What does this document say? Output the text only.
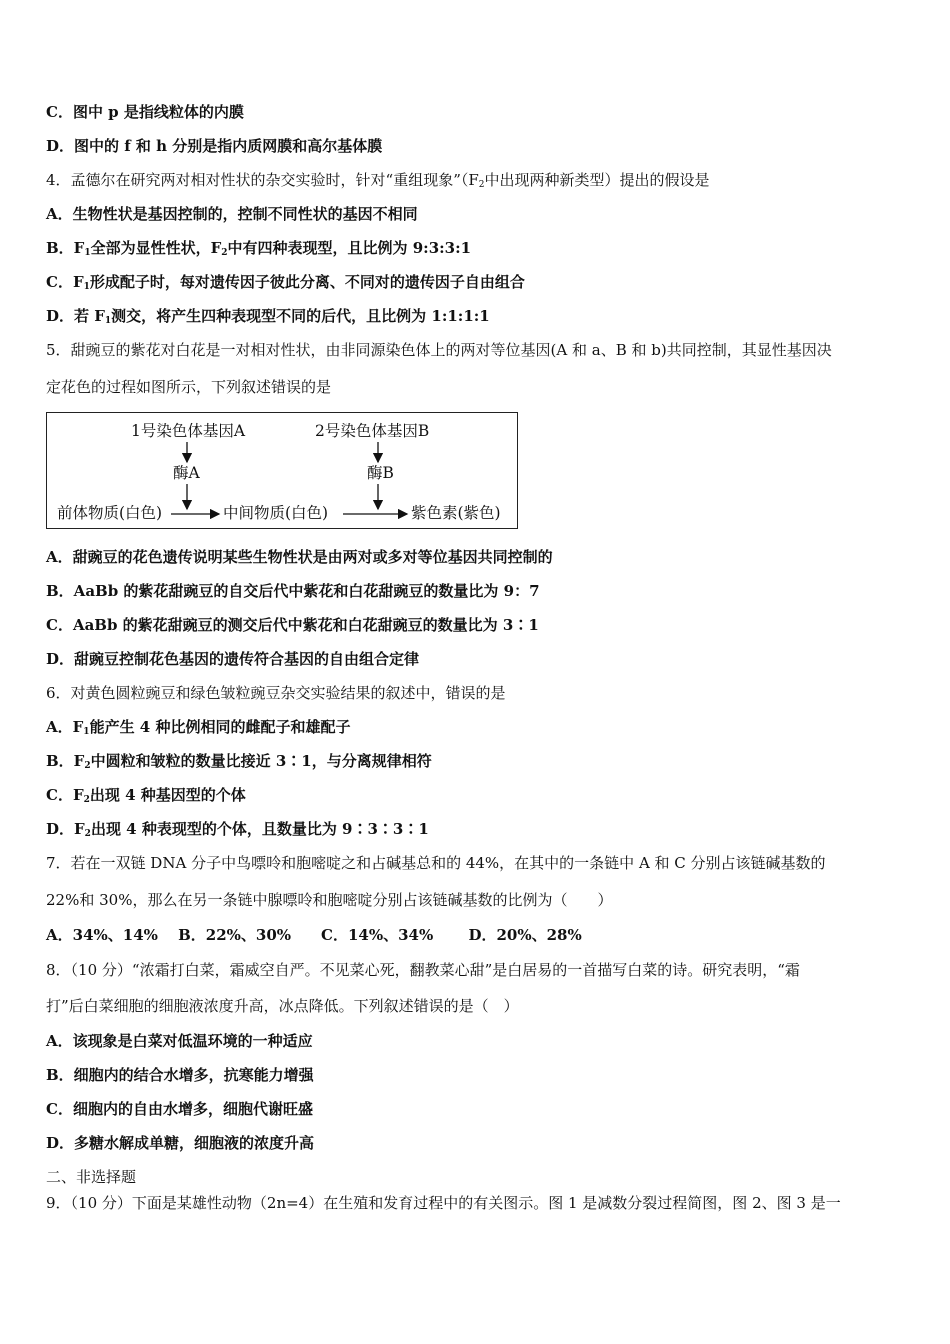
C．图中 p 是指线粒体的内膜
D．图中的 f 和 h 分别是指内质网膜和高尔基体膜
4．孟德尔在研究两对相对性状的杂交实验时，针对“重组现象$”(F_2$中出现两种新类型）提出的假设是
A．生物性状是基因控制的，控制不同性状的基因不相同
B．$F_1$全部为显性性状，$F_2$中有四种表现型，且比例为 9:3:3:1
C．$F_1$形成配子时，每对遗传因子彼此分离、不同对的遗传因子自由组合
D．若 $F_1$测交，将产生四种表现型不同的后代，且比例为 1:1:1:1
5．甜豌豆的紫花对白花是一对相对性状，由非同源染色体上的两对等位基因(A 和 a、B 和 b)共同控制，其显性基因决
定花色的过程如图所示，下列叙述错误的是
1号染色体基因A	2号染色体基因B
酶A	酶B
前体物质(白色)	中间物质(白色)	紫色素(紫色)
A．甜豌豆的花色遗传说明某些生物性状是由两对或多对等位基因共同控制的
B．AaBb 的紫花甜豌豆的自交后代中紫花和白花甜豌豆的数量比为 9：7
C．AaBb 的紫花甜豌豆的测交后代中紫花和白花甜豌豆的数量比为 3∶1
D．甜豌豆控制花色基因的遗传符合基因的自由组合定律
6．对黄色圆粒豌豆和绿色皱粒豌豆杂交实验结果的叙述中，错误的是
A．$F_1$能产生 4 种比例相同的雌配子和雄配子
B．$F_2$中圆粒和皱粒的数量比接近 3∶1，与分离规律相符
C．$F_2$出现 4 种基因型的个体
D．$F_2$出现 4 种表现型的个体，且数量比为 9∶3∶3∶1
7．若在一双链 DNA 分子中鸟嘌呤和胞嘧啶之和占碱基总和的 44%，在其中的一条链中 A 和 C 分别占该链碱基数的
22%和 30%，那么在另一条链中腺嘌呤和胞嘧啶分别占该链碱基数的比例为（　　）
A．34%、14%　 B．22%、30%　　C．14%、34%　　 D．20%、28%
8．（10 分）“浓霜打白菜，霜威空自严。不见菜心死，翻教菜心甜”是白居易的一首描写白菜的诗。研究表明，“霜
打”后白菜细胞的细胞液浓度升高，冰点降低。下列叙述错误的是（　）
A．该现象是白菜对低温环境的一种适应
B．细胞内的结合水增多，抗寒能力增强
C．细胞内的自由水增多，细胞代谢旺盛
D．多糖水解成单糖，细胞液的浓度升高
二、非选择题
9．（10 分）下面是某雄性动物（2n=4）在生殖和发育过程中的有关图示。图 1 是减数分裂过程简图，图 2、图 3 是一
